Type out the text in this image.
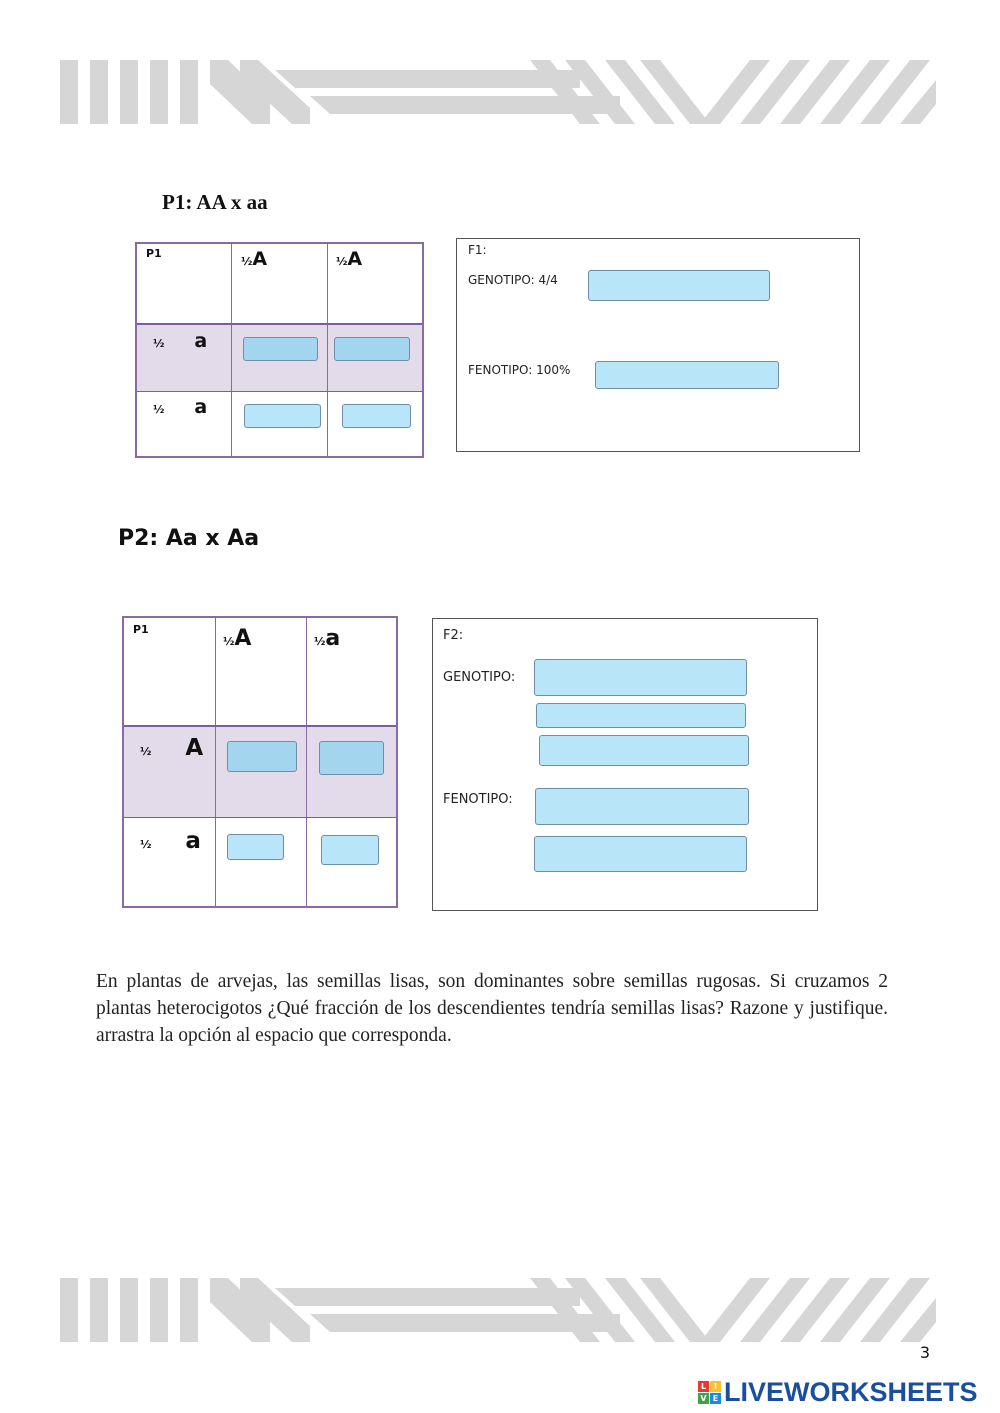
P1: AA x aa
P1
½A	½A
½ a
½ a
F1:
GENOTIPO: 4/4
FENOTIPO: 100%
P2: Aa x Aa
P1
½A	½a
½ A
½ a
F2:
GENOTIPO:
FENOTIPO:
En plantas de arvejas, las semillas lisas, son dominantes sobre semillas rugosas. Si cruzamos 2 plantas heterocigotos ¿Qué fracción de los descendientes tendría semillas lisas? Razone y justifique. arrastra la opción al espacio que corresponda.
3
L I
V E LIVEWORKSHEETS
